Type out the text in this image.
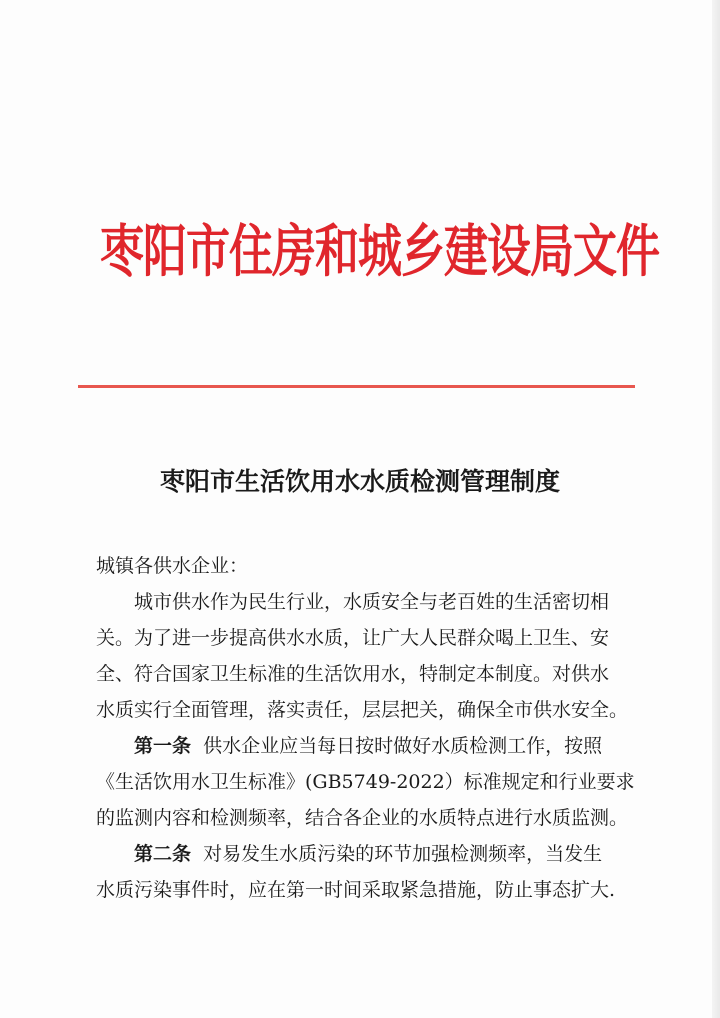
枣阳市住房和城乡建设局文件
枣阳市生活饮用水水质检测管理制度
城镇各供水企业：
城市供水作为民生行业，水质安全与老百姓的生活密切相
关。为了进一步提高供水水质，让广大人民群众喝上卫生、安
全、符合国家卫生标准的生活饮用水，特制定本制度。对供水
水质实行全面管理，落实责任，层层把关，确保全市供水安全。
第一条 供水企业应当每日按时做好水质检测工作，按照
《生活饮用水卫生标准》(GB5749-2022）标准规定和行业要求
的监测内容和检测频率，结合各企业的水质特点进行水质监测。
第二条 对易发生水质污染的环节加强检测频率，当发生
水质污染事件时，应在第一时间采取紧急措施，防止事态扩大.
